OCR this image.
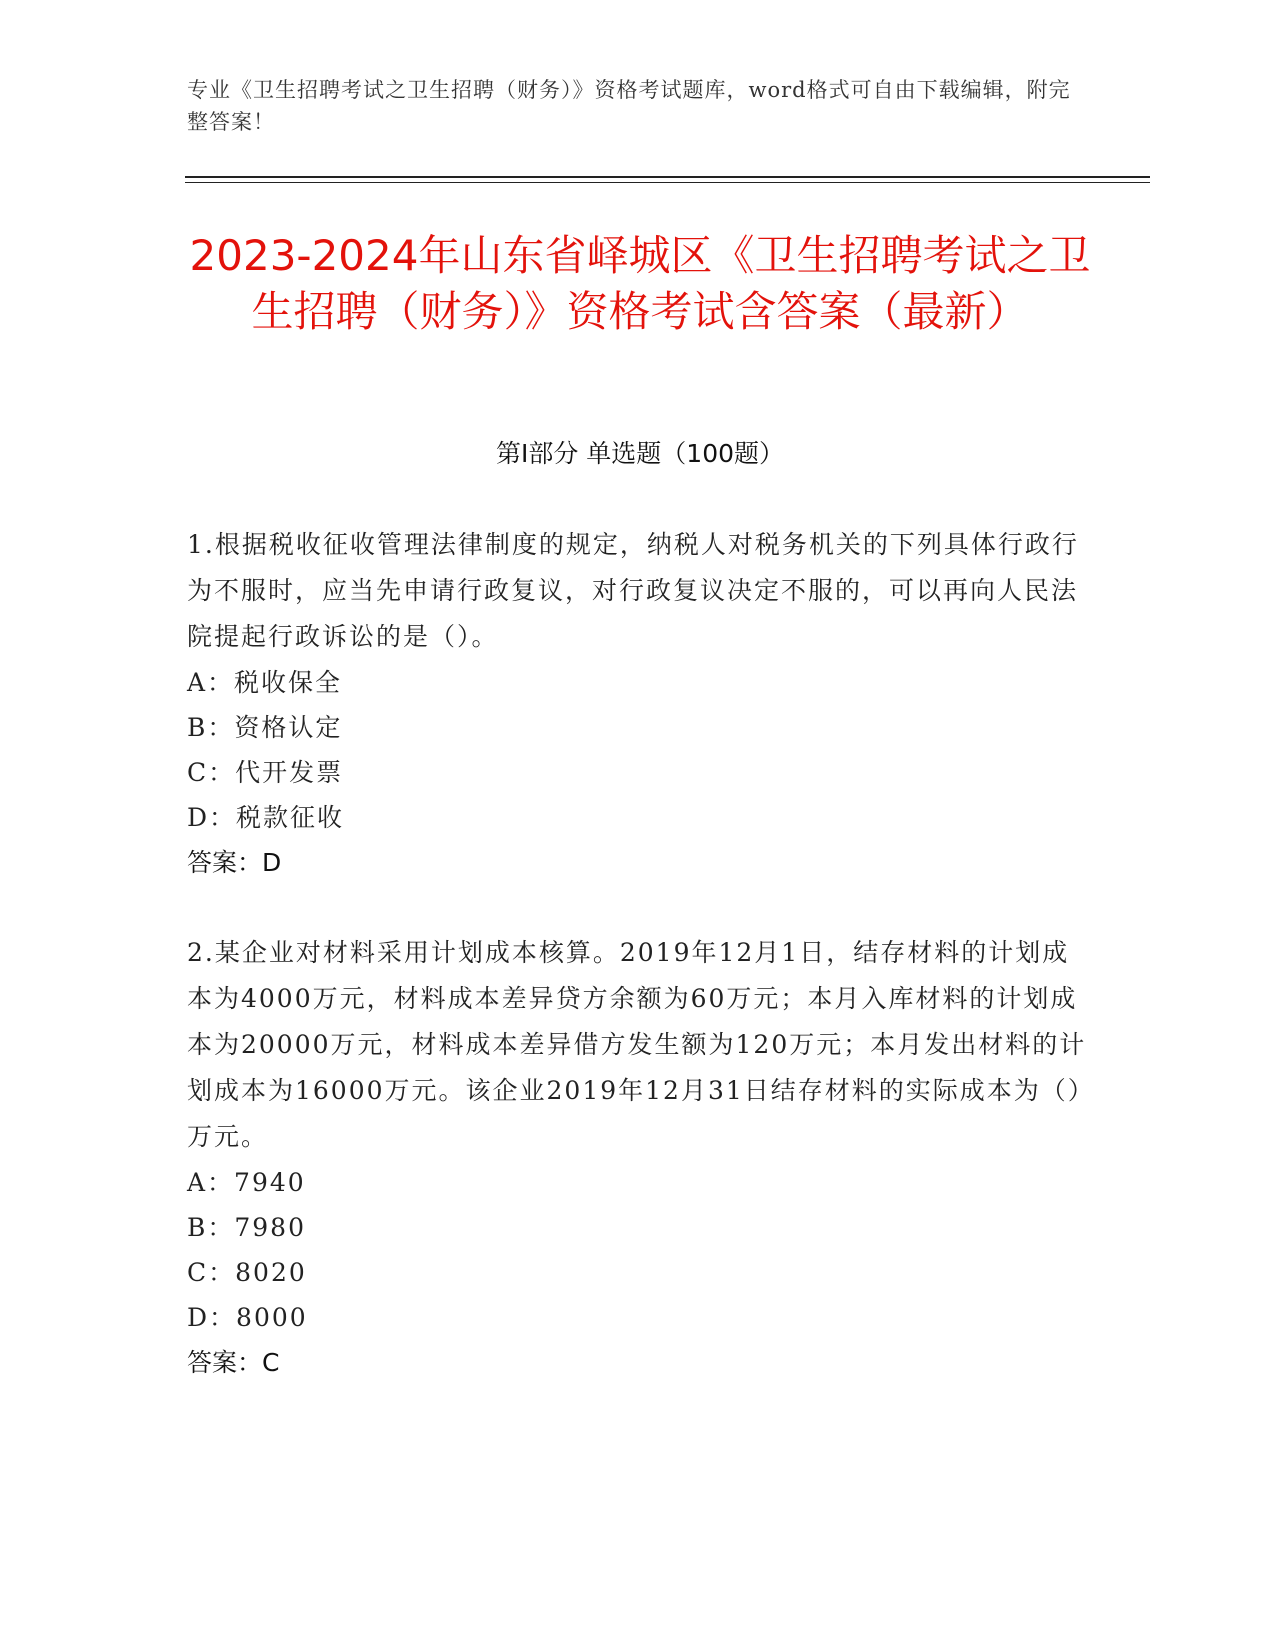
专业《卫生招聘考试之卫生招聘（财务）》资格考试题库，word格式可自由下载编辑，附完整答案！
2023-2024年山东省峄城区《卫生招聘考试之卫生招聘（财务）》资格考试含答案（最新）
第Ⅰ部分 单选题（100题）

1.根据税收征收管理法律制度的规定，纳税人对税务机关的下列具体行政行为不服时，应当先申请行政复议，对行政复议决定不服的，可以再向人民法院提起行政诉讼的是（）。

A：税收保全

B：资格认定

C：代开发票

D：税款征收

答案：D

2.某企业对材料采用计划成本核算。2019年12月1日，结存材料的计划成本为4000万元，材料成本差异贷方余额为60万元；本月入库材料的计划成本为20000万元，材料成本差异借方发生额为120万元；本月发出材料的计划成本为16000万元。该企业2019年12月31日结存材料的实际成本为（）万元。

A：7940

B：7980

C：8020

D：8000

答案：C
